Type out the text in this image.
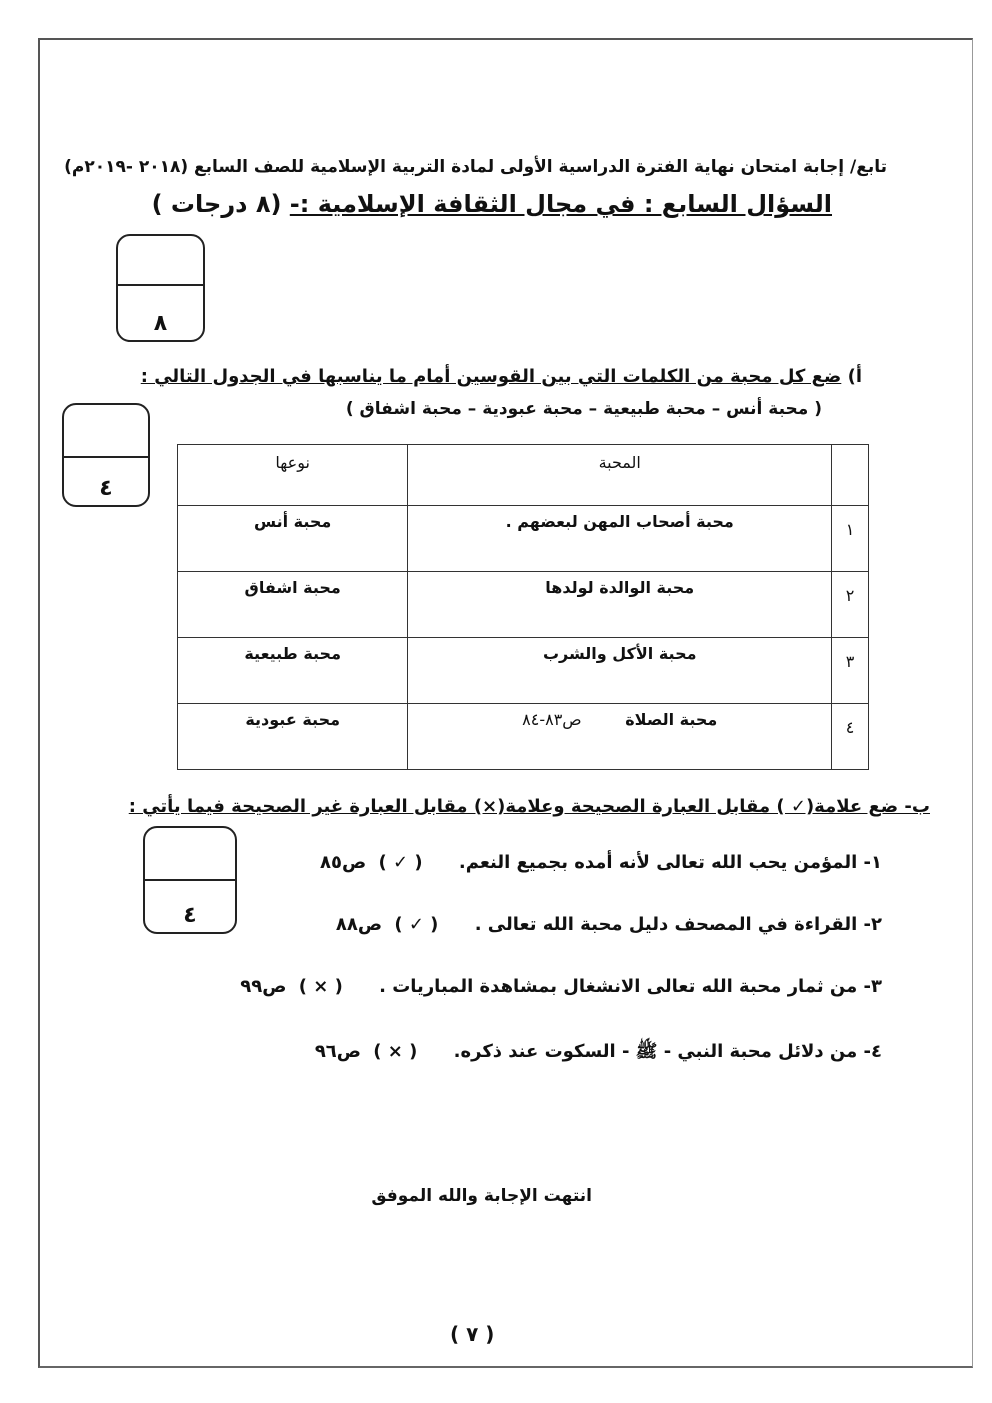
تابع/ إجابة امتحان نهاية الفترة الدراسية الأولى لمادة التربية الإسلامية للصف السابع (٢٠١٨ -٢٠١٩م)
السؤال السابع : في مجال الثقافة الإسلامية :- (٨ درجات )
٨
أ) ضع كل محبة من الكلمات التي بين القوسين أمام ما يناسبها في الجدول التالي :
( محبة أنس – محبة طبيعية – محبة عبودية – محبة اشفاق )
٤
	المحبة	نوعها
١	محبة أصحاب المهن لبعضهم .	محبة أنس
٢	محبة الوالدة لولدها	محبة اشفاق
٣	محبة الأكل والشرب	محبة طبيعية
٤	محبة الصلاة ص٨٣-٨٤	محبة عبودية
ب- ضع علامة(✓ ) مقابل العبارة الصحيحة وعلامة(×) مقابل العبارة غير الصحيحة فيما يأتي :
٤
١- المؤمن يحب الله تعالى لأنه أمده بجميع النعم. ( ✓ ) ص٨٥
٢- القراءة في المصحف دليل محبة الله تعالى . ( ✓ ) ص٨٨
٣- من ثمار محبة الله تعالى الانشغال بمشاهدة المباريات . ( × ) ص٩٩
٤- من دلائل محبة النبي - ﷺ - السكوت عند ذكره. ( × ) ص٩٦
انتهت الإجابة والله الموفق
( ٧ )
